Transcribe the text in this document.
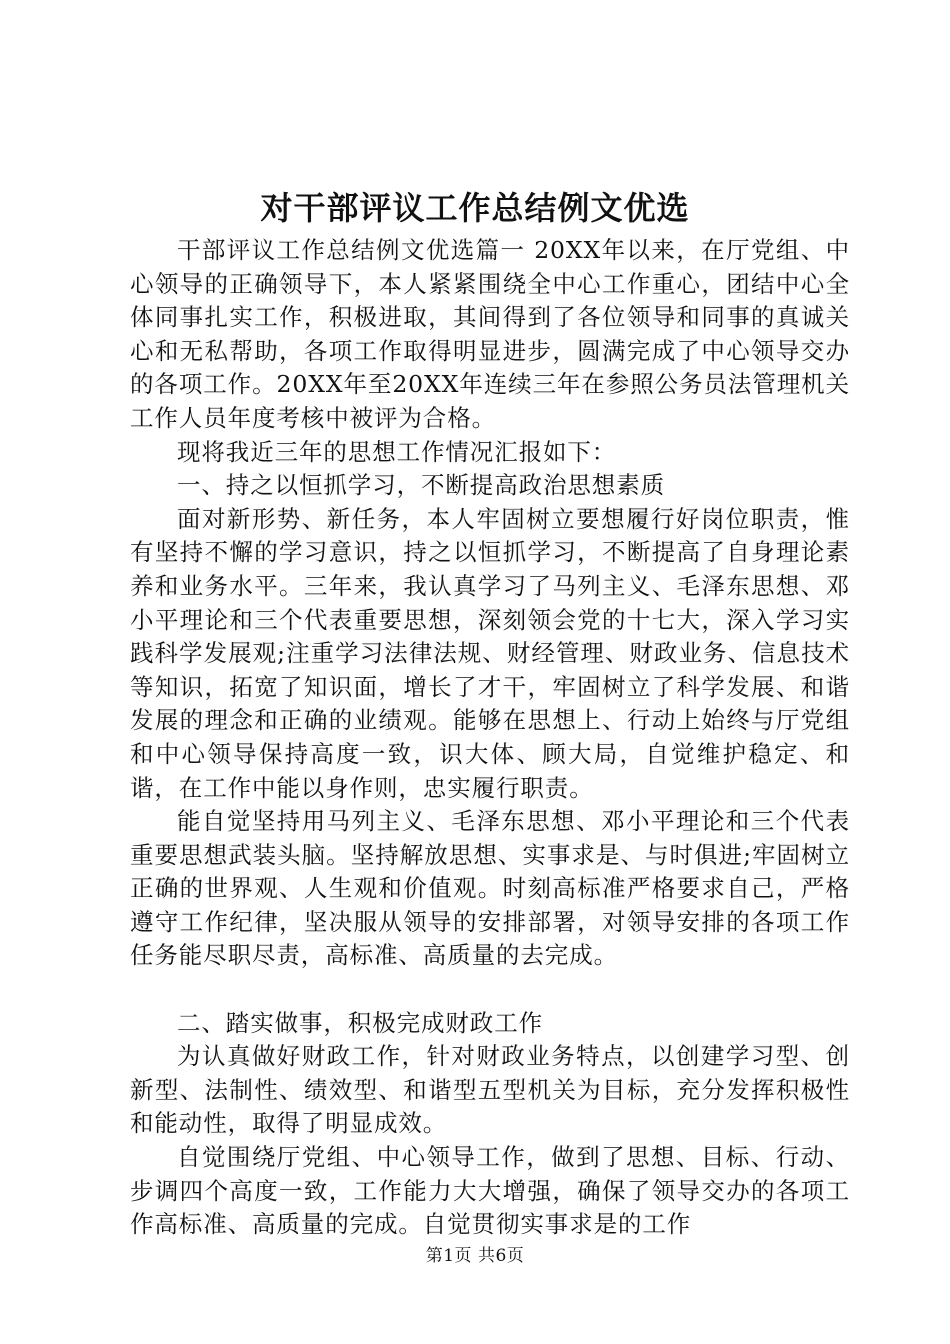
对干部评议工作总结例文优选

干部评议工作总结例文优选篇一 20XX年以来，在厅党组、中心领导的正确领导下，本人紧紧围绕全中心工作重心，团结中心全体同事扎实工作，积极进取，其间得到了各位领导和同事的真诚关心和无私帮助，各项工作取得明显进步，圆满完成了中心领导交办的各项工作。20XX年至20XX年连续三年在参照公务员法管理机关工作人员年度考核中被评为合格。

现将我近三年的思想工作情况汇报如下：

一、持之以恒抓学习，不断提高政治思想素质

面对新形势、新任务，本人牢固树立要想履行好岗位职责，惟有坚持不懈的学习意识，持之以恒抓学习，不断提高了自身理论素养和业务水平。三年来，我认真学习了马列主义、毛泽东思想、邓小平理论和三个代表重要思想，深刻领会党的十七大，深入学习实践科学发展观;注重学习法律法规、财经管理、财政业务、信息技术等知识，拓宽了知识面，增长了才干，牢固树立了科学发展、和谐发展的理念和正确的业绩观。能够在思想上、行动上始终与厅党组和中心领导保持高度一致，识大体、顾大局，自觉维护稳定、和谐，在工作中能以身作则，忠实履行职责。

能自觉坚持用马列主义、毛泽东思想、邓小平理论和三个代表重要思想武装头脑。坚持解放思想、实事求是、与时俱进;牢固树立正确的世界观、人生观和价值观。时刻高标准严格要求自己，严格遵守工作纪律，坚决服从领导的安排部署，对领导安排的各项工作任务能尽职尽责，高标准、高质量的去完成。

二、踏实做事，积极完成财政工作

为认真做好财政工作，针对财政业务特点，以创建学习型、创新型、法制性、绩效型、和谐型五型机关为目标，充分发挥积极性和能动性，取得了明显成效。

自觉围绕厅党组、中心领导工作，做到了思想、目标、行动、步调四个高度一致，工作能力大大增强，确保了领导交办的各项工作高标准、高质量的完成。自觉贯彻实事求是的工作

第1页 共6页
